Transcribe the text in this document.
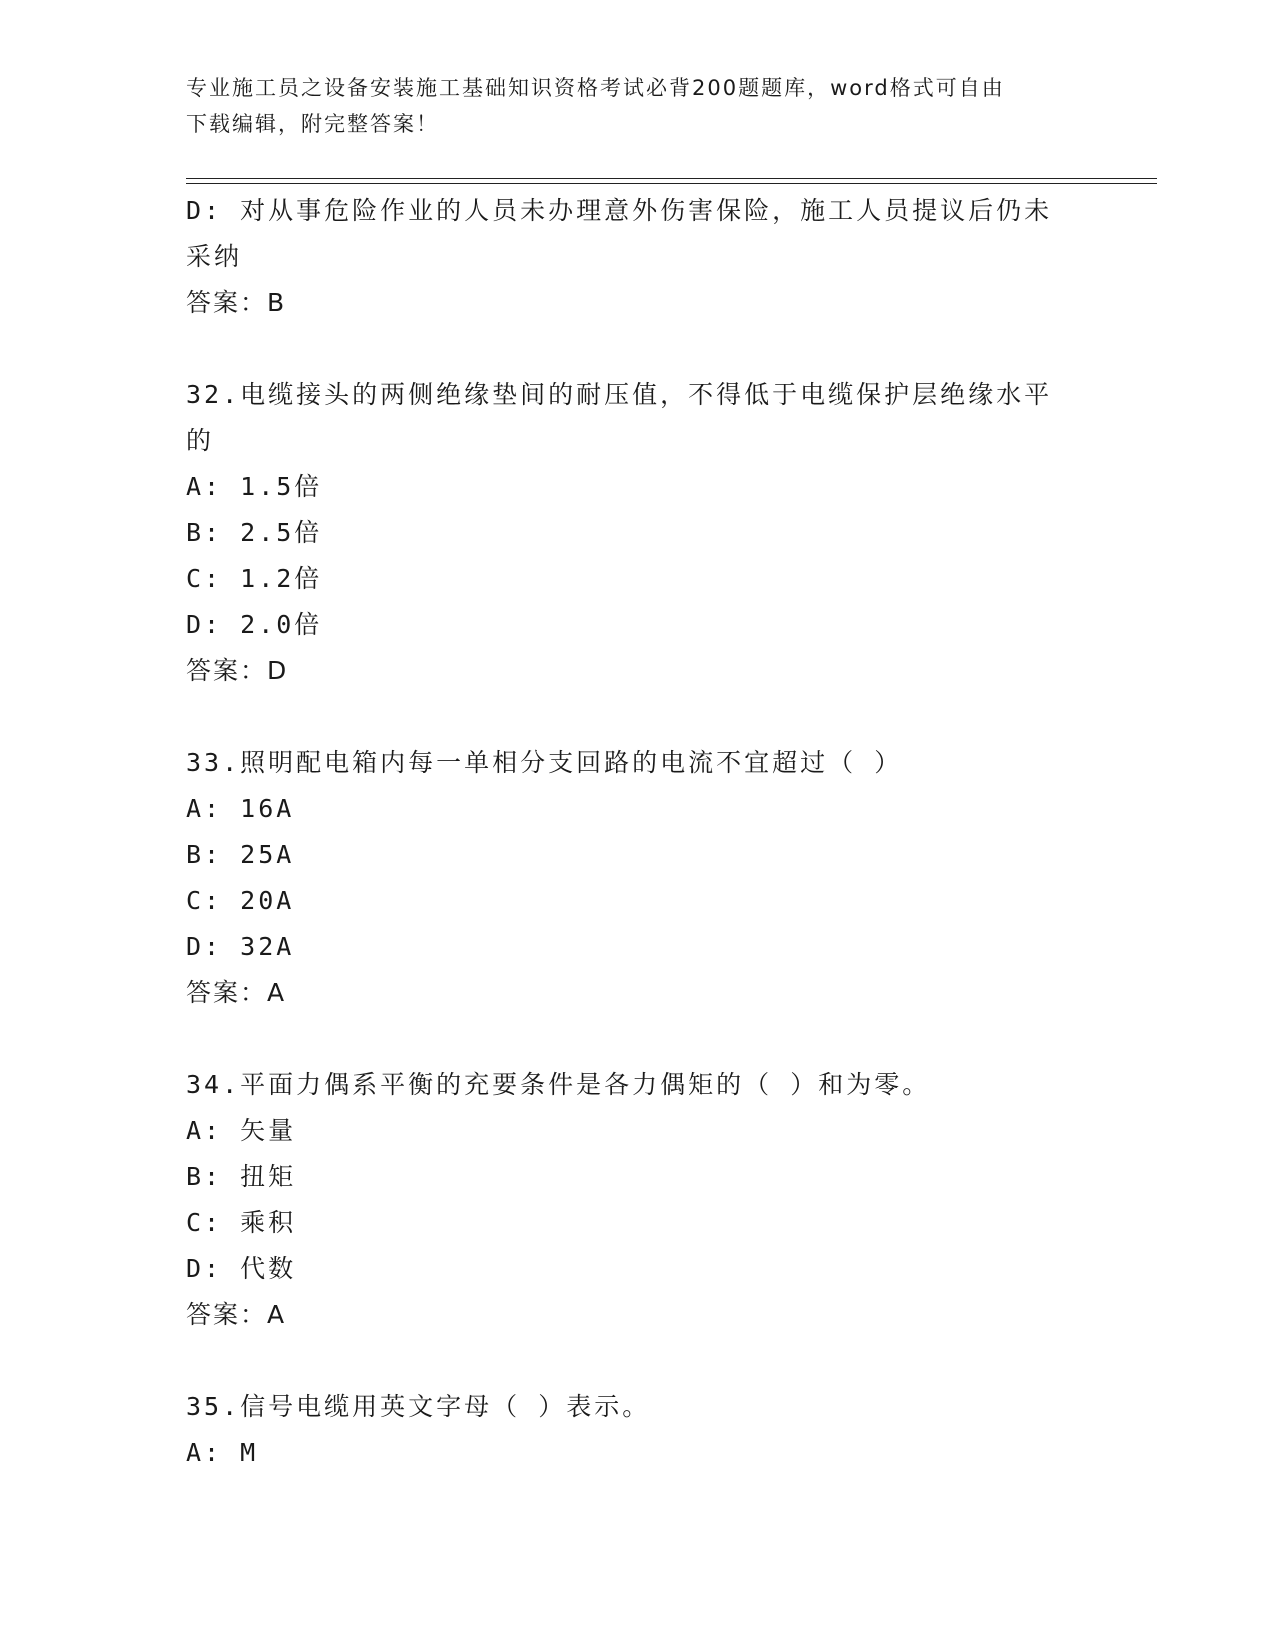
专业施工员之设备安装施工基础知识资格考试必背200题题库，word格式可自由
下载编辑，附完整答案！
D: 对从事危险作业的人员未办理意外伤害保险，施工人员提议后仍未
采纳
答案：B
32.电缆接头的两侧绝缘垫间的耐压值，不得低于电缆保护层绝缘水平
的
A: 1.5倍
B: 2.5倍
C: 1.2倍
D: 2.0倍
答案：D
33.照明配电箱内每一单相分支回路的电流不宜超过（ ）
A: 16A
B: 25A
C: 20A
D: 32A
答案：A
34.平面力偶系平衡的充要条件是各力偶矩的（ ）和为零。
A: 矢量
B: 扭矩
C: 乘积
D: 代数
答案：A
35.信号电缆用英文字母（ ）表示。
A: M
